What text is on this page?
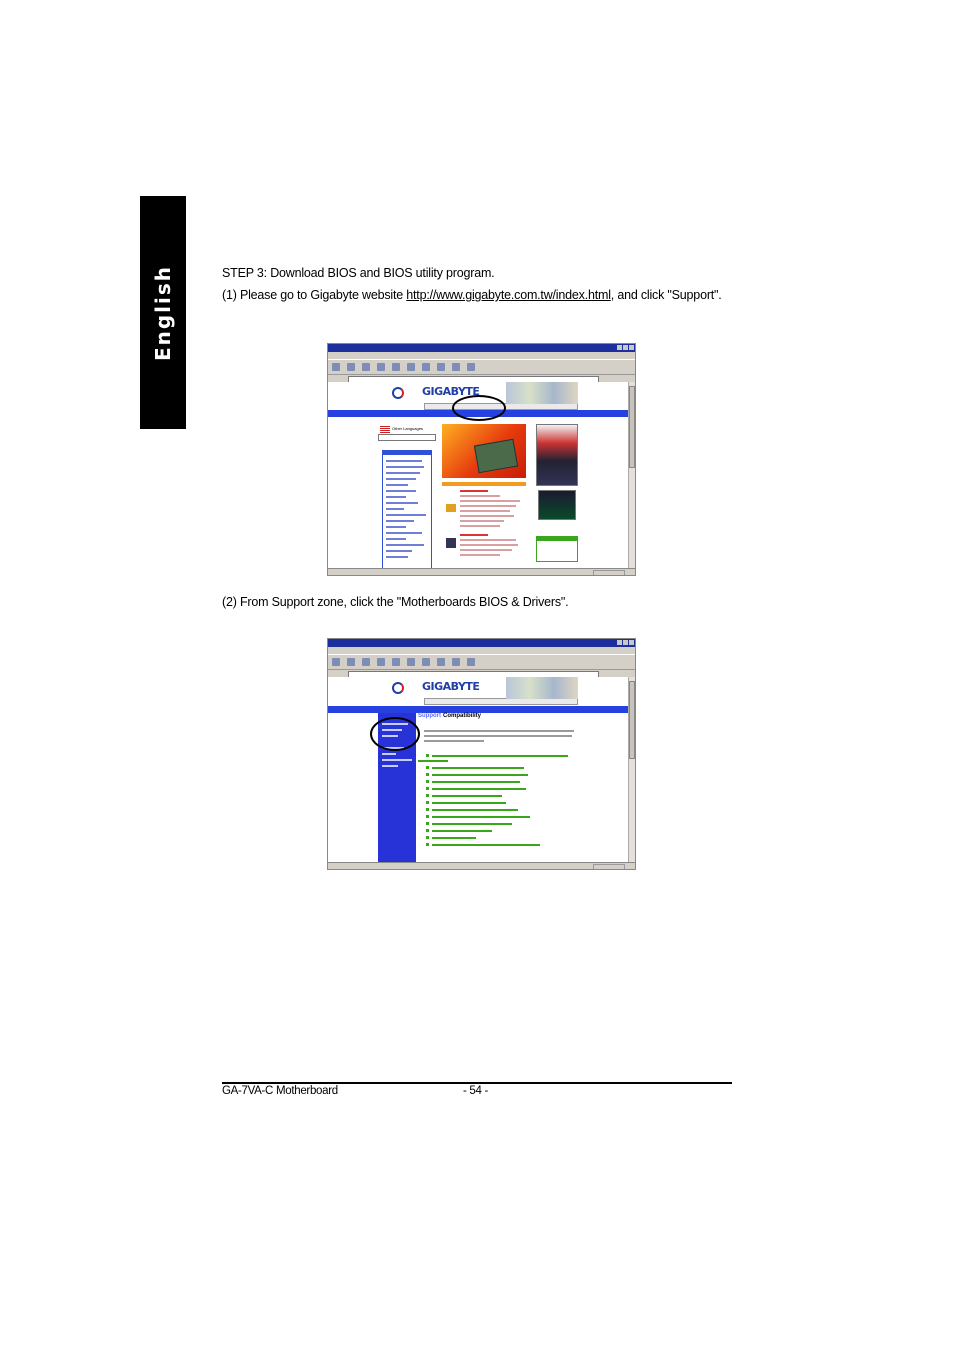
English	STEP 3: Download BIOS and BIOS utility program.
(1) Please go to Gigabyte website http://www.gigabyte.com.tw/index.html, and click "Support".
GIGABYTE
Other Languages
(2) From Support zone, click the "Motherboards BIOS & Drivers".
GIGABYTE
Support Compatibility
GA-7VA-C Motherboard	- 54 -
